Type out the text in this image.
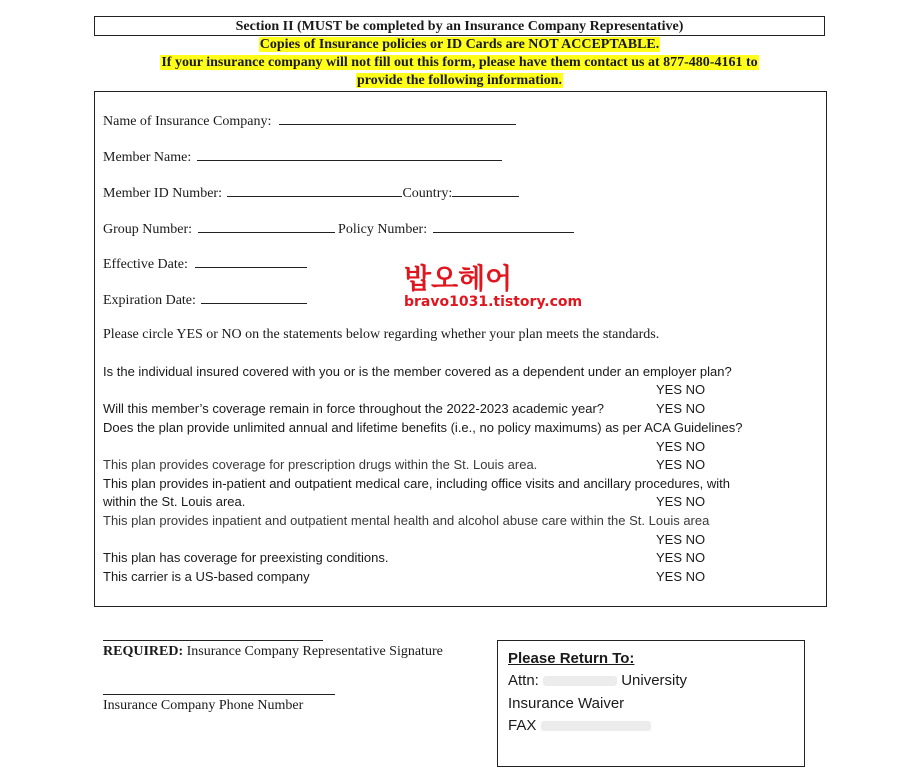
Section II (MUST be completed by an Insurance Company Representative)
Copies of Insurance policies or ID Cards are NOT ACCEPTABLE.
If your insurance company will not fill out this form, please have them contact us at 877-480-4161 to
provide the following information.
Name of Insurance Company:
Member Name:
Member ID Number:	Country:
Group Number:	Policy Number:
Effective Date:
Expiration Date:
밥오헤어
bravo1031.tistory.com
Please circle YES or NO on the statements below regarding whether your plan meets the standards.
Is the individual insured covered with you or is the member covered as a dependent under an employer plan?
YES NO
Will this member’s coverage remain in force throughout the 2022-2023 academic year?	YES NO
Does the plan provide unlimited annual and lifetime benefits (i.e., no policy maximums) as per ACA Guidelines?
YES NO
This plan provides coverage for prescription drugs within the St. Louis area.	YES NO
This plan provides in-patient and outpatient medical care, including office visits and ancillary procedures, with
within the St. Louis area.	YES NO
This plan provides inpatient and outpatient mental health and alcohol abuse care within the St. Louis area
YES NO
This plan has coverage for preexisting conditions.	YES NO
This carrier is a US-based company	YES NO
REQUIRED: Insurance Company Representative Signature
Insurance Company Phone Number
Please Return To:
Attn:	University
Insurance Waiver
FAX
